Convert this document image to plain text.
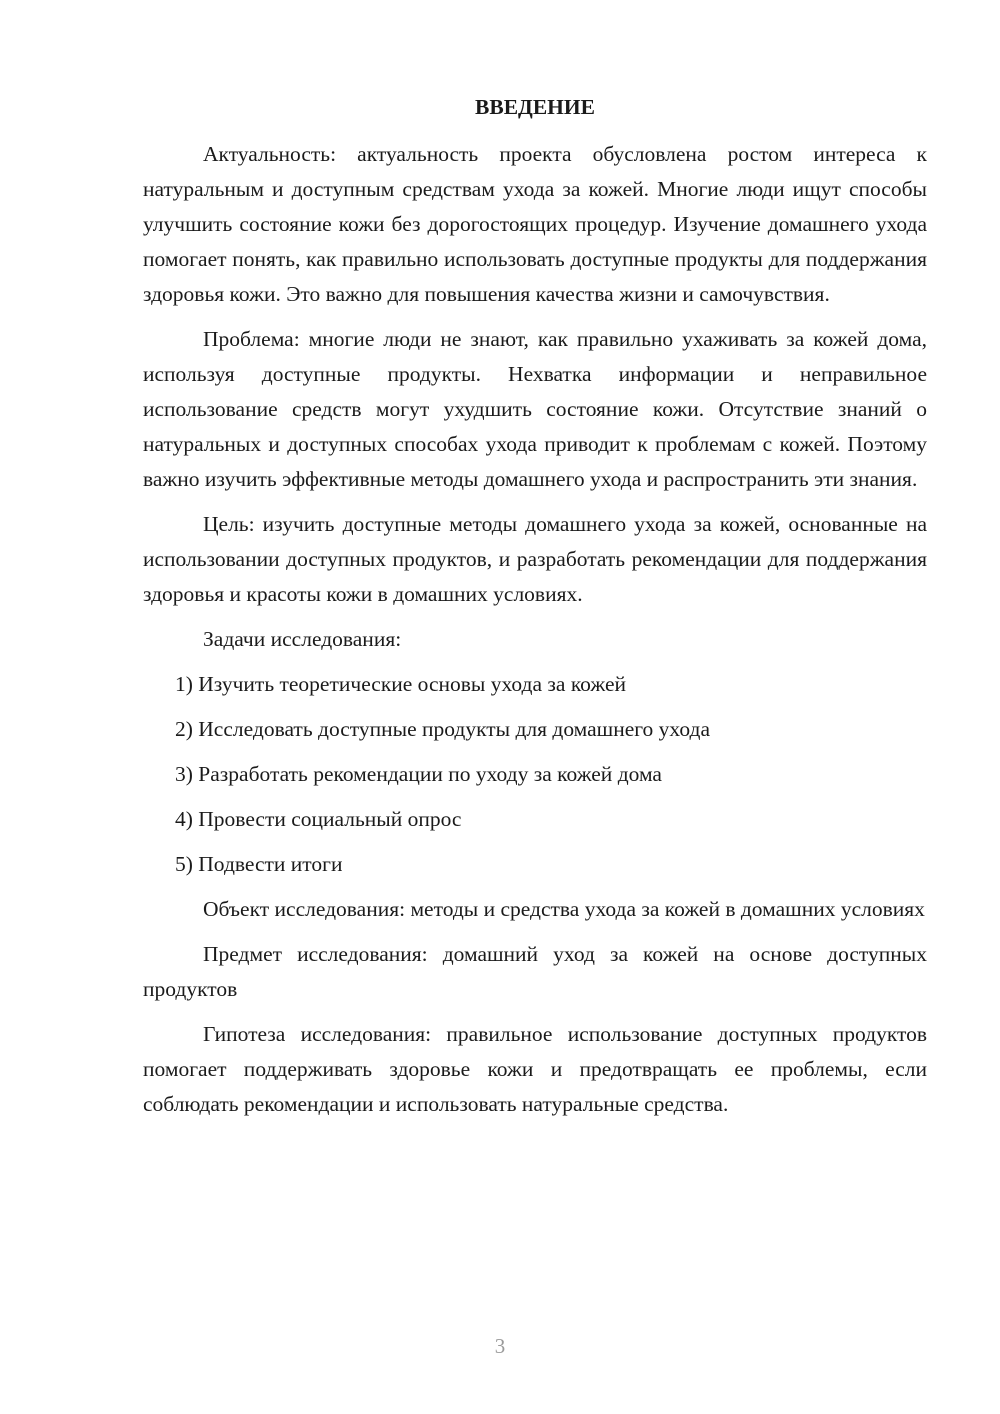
ВВЕДЕНИЕ

Актуальность: актуальность проекта обусловлена ростом интереса к натуральным и доступным средствам ухода за кожей. Многие люди ищут способы улучшить состояние кожи без дорогостоящих процедур. Изучение домашнего ухода помогает понять, как правильно использовать доступные продукты для поддержания здоровья кожи. Это важно для повышения качества жизни и самочувствия.

Проблема: многие люди не знают, как правильно ухаживать за кожей дома, используя доступные продукты. Нехватка информации и неправильное использование средств могут ухудшить состояние кожи. Отсутствие знаний о натуральных и доступных способах ухода приводит к проблемам с кожей. Поэтому важно изучить эффективные методы домашнего ухода и распространить эти знания.

Цель: изучить доступные методы домашнего ухода за кожей, основанные на использовании доступных продуктов, и разработать рекомендации для поддержания здоровья и красоты кожи в домашних условиях.

Задачи исследования:

1) Изучить теоретические основы ухода за кожей
2) Исследовать доступные продукты для домашнего ухода
3) Разработать рекомендации по уходу за кожей дома
4) Провести социальный опрос
5) Подвести итоги

Объект исследования: методы и средства ухода за кожей в домашних условиях

Предмет исследования: домашний уход за кожей на основе доступных продуктов

Гипотеза исследования: правильное использование доступных продуктов помогает поддерживать здоровье кожи и предотвращать ее проблемы, если соблюдать рекомендации и использовать натуральные средства.

3
